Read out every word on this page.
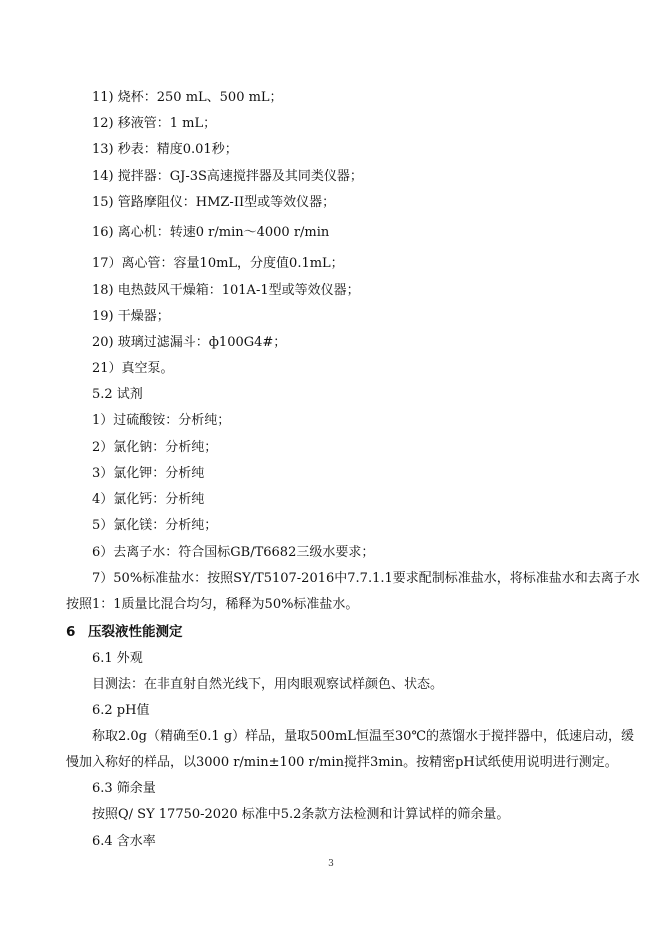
11) 烧杯：250 mL、500 mL；
12) 移液管：1 mL；
13) 秒表：精度0.01秒；
14) 搅拌器：GJ-3S高速搅拌器及其同类仪器；
15) 管路摩阻仪：HMZ-II型或等效仪器；
16) 离心机：转速0 r/min～4000 r/min
17）离心管：容量10mL，分度值0.1mL；
18) 电热鼓风干燥箱：101A-1型或等效仪器；
19) 干燥器；
20) 玻璃过滤漏斗：ф100G4#；
21）真空泵。
5.2 试剂
1）过硫酸铵：分析纯；
2）氯化钠：分析纯；
3）氯化钾：分析纯
4）氯化钙：分析纯
5）氯化镁：分析纯；
6）去离子水：符合国标GB/T6682三级水要求；
7）50%标准盐水：按照SY/T5107-2016中7.7.1.1要求配制标准盐水，将标准盐水和去离子水
按照1：1质量比混合均匀，稀释为50%标准盐水。
6 压裂液性能测定
6.1 外观
目测法：在非直射自然光线下，用肉眼观察试样颜色、状态。
6.2 pH值
称取2.0g（精确至0.1 g）样品，量取500mL恒温至30℃的蒸馏水于搅拌器中，低速启动，缓
慢加入称好的样品，以3000 r/min±100 r/min搅拌3min。按精密pH试纸使用说明进行测定。
6.3 筛余量
按照Q/ SY 17750-2020 标准中5.2条款方法检测和计算试样的筛余量。
6.4 含水率
3
